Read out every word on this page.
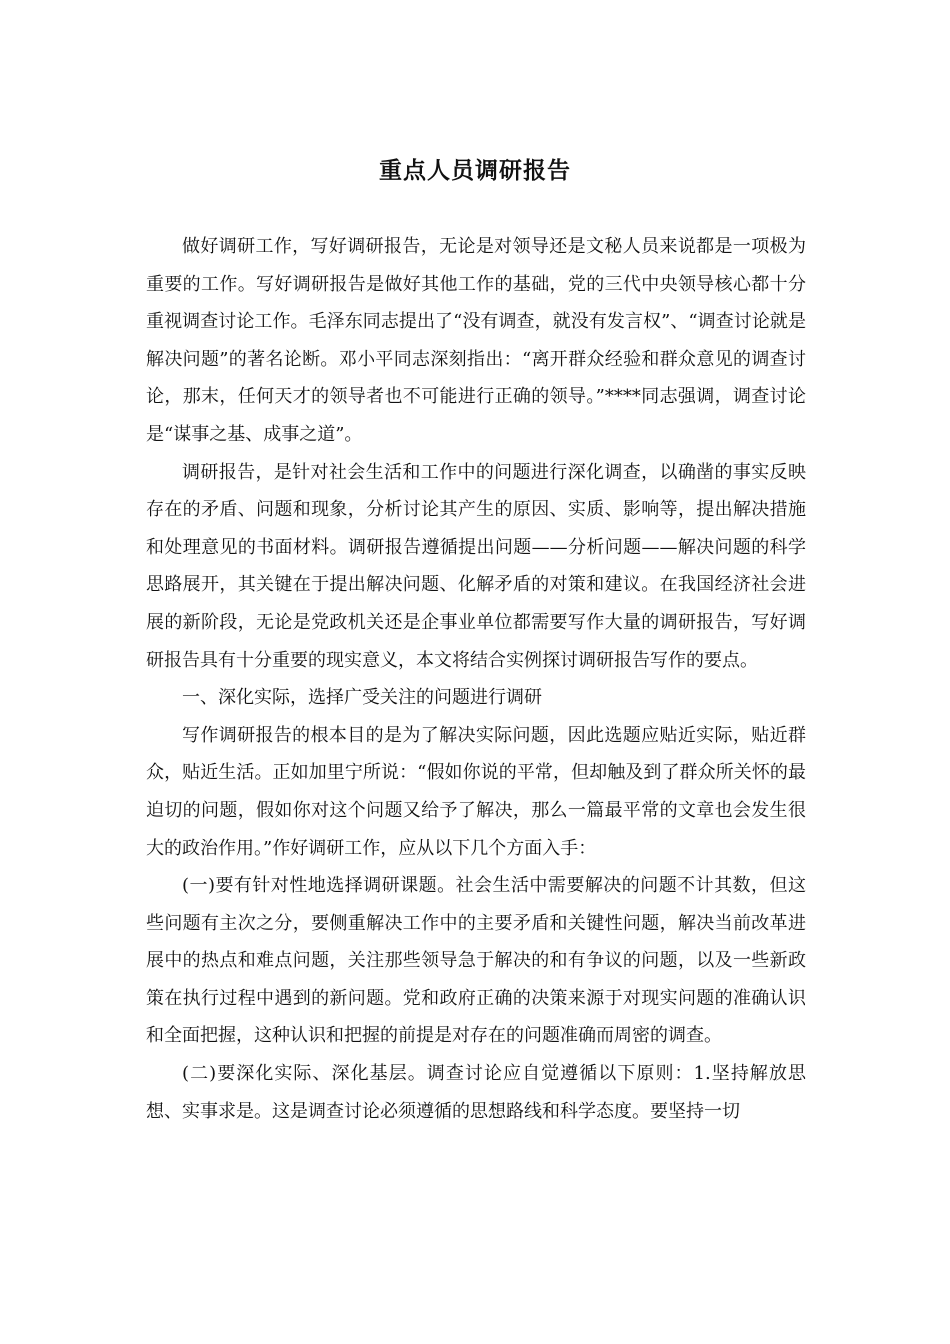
重点人员调研报告

做好调研工作，写好调研报告，无论是对领导还是文秘人员来说都是一项极为重要的工作。写好调研报告是做好其他工作的基础，党的三代中央领导核心都十分重视调查讨论工作。毛泽东同志提出了“没有调查，就没有发言权”、“调查讨论就是解决问题”的著名论断。邓小平同志深刻指出：“离开群众经验和群众意见的调查讨论，那末，任何天才的领导者也不可能进行正确的领导。”****同志强调，调查讨论是“谋事之基、成事之道”。

调研报告，是针对社会生活和工作中的问题进行深化调查，以确凿的事实反映存在的矛盾、问题和现象，分析讨论其产生的原因、实质、影响等，提出解决措施和处理意见的书面材料。调研报告遵循提出问题——分析问题——解决问题的科学思路展开，其关键在于提出解决问题、化解矛盾的对策和建议。在我国经济社会进展的新阶段，无论是党政机关还是企事业单位都需要写作大量的调研报告，写好调研报告具有十分重要的现实意义，本文将结合实例探讨调研报告写作的要点。

一、深化实际，选择广受关注的问题进行调研

写作调研报告的根本目的是为了解决实际问题，因此选题应贴近实际，贴近群众，贴近生活。正如加里宁所说：“假如你说的平常，但却触及到了群众所关怀的最迫切的问题，假如你对这个问题又给予了解决，那么一篇最平常的文章也会发生很大的政治作用。”作好调研工作，应从以下几个方面入手：

(一)要有针对性地选择调研课题。社会生活中需要解决的问题不计其数，但这些问题有主次之分，要侧重解决工作中的主要矛盾和关键性问题，解决当前改革进展中的热点和难点问题，关注那些领导急于解决的和有争议的问题，以及一些新政策在执行过程中遇到的新问题。党和政府正确的决策来源于对现实问题的准确认识和全面把握，这种认识和把握的前提是对存在的问题准确而周密的调查。

(二)要深化实际、深化基层。调查讨论应自觉遵循以下原则：1.坚持解放思想、实事求是。这是调查讨论必须遵循的思想路线和科学态度。要坚持一切
